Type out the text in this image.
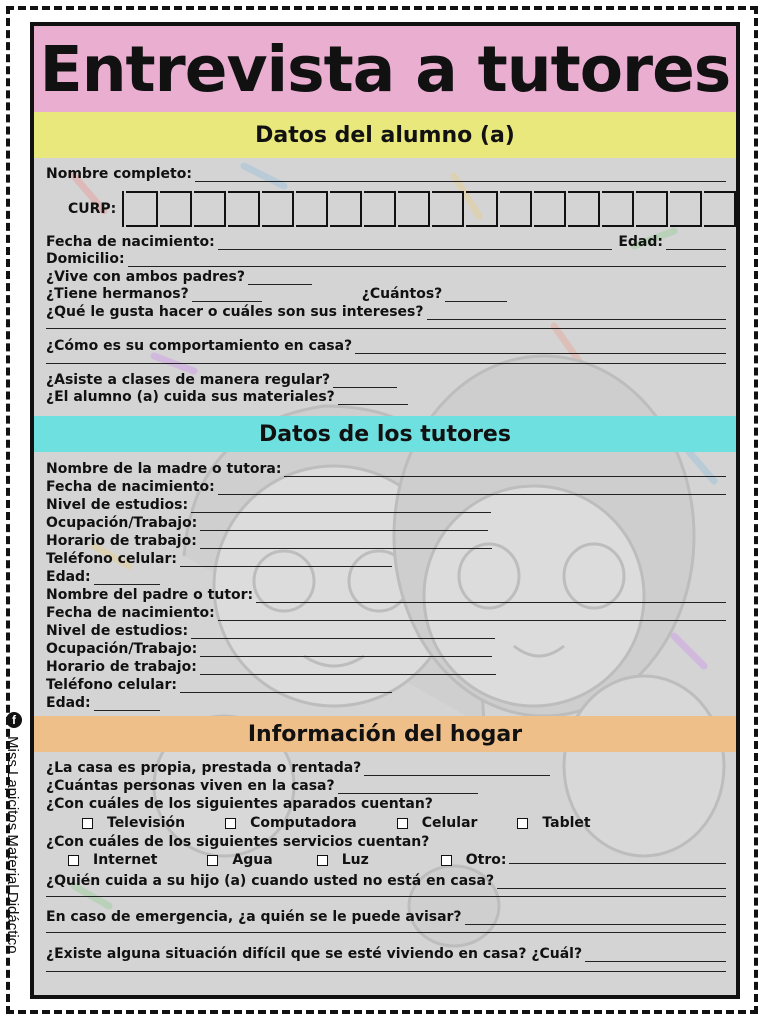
Entrevista a tutores
Datos del alumno (a)
Nombre completo:
CURP:
Fecha de nacimiento:	Edad:
Domicilio:
¿Vive con ambos padres?
¿Tiene hermanos?	¿Cuántos?
¿Qué le gusta hacer o cuáles son sus intereses?
¿Cómo es su comportamiento en casa?
¿Asiste a clases de manera regular?
¿El alumno (a) cuida sus materiales?
Datos de los tutores
Nombre de la madre o tutora:
Fecha de nacimiento:
Nivel de estudios:
Ocupación/Trabajo:
Horario de trabajo:
Teléfono celular:
Edad:
Nombre del padre o tutor:
Fecha de nacimiento:
Nivel de estudios:
Ocupación/Trabajo:
Horario de trabajo:
Teléfono celular:
Edad:
Información del hogar
¿La casa es propia, prestada o rentada?
¿Cuántas personas viven en la casa?
¿Con cuáles de los siguientes aparados cuentan?
Televisión	Computadora	Celular	Tablet
¿Con cuáles de los siguientes servicios cuentan?
Internet	Agua	Luz	Otro:
¿Quién cuida a su hijo (a) cuando usted no está en casa?
En caso de emergencia, ¿a quién se le puede avisar?
¿Existe alguna situación difícil que se esté viviendo en casa? ¿Cuál?
f
Miss Lapicitos Material Didáctico
